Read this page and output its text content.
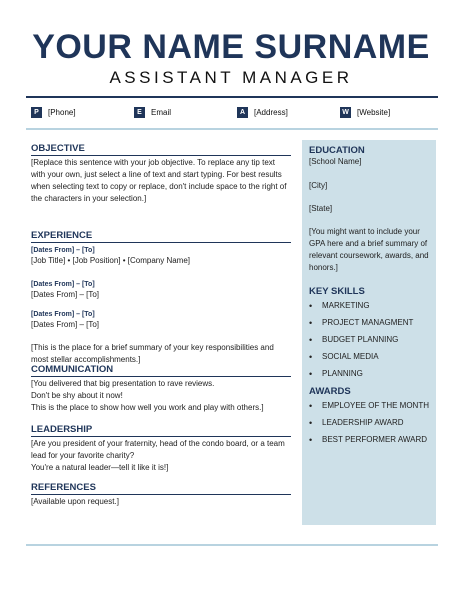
YOUR NAME SURNAME
ASSISTANT MANAGER
P	[Phone]	E	Email	A	[Address]	W [Website]
OBJECTIVE
[Replace this sentence with your job objective. To replace any tip text with your own, just select a line of text and start typing. For best results when selecting text to copy or replace, don't include space to the right of the characters in your selection.]
EXPERIENCE
[Dates From] – [To]
[Job Title] • [Job Position] • [Company Name]
[Dates From] – [To]
[Dates From] – [To]
[Dates From] – [To]
[Dates From] – [To]
[This is the place for a brief summary of your key responsibilities and most stellar accomplishments.]
COMMUNICATION
[You delivered that big presentation to rave reviews.
Don't be shy about it now!
This is the place to show how well you work and play with others.]
LEADERSHIP
[Are you president of your fraternity, head of the condo board, or a team lead for your favorite charity?
You're a natural leader—tell it like it is!]
REFERENCES
[Available upon request.]
EDUCATION
[School Name]
[City]
[State]
[You might want to include your GPA here and a brief summary of relevant coursework, awards, and honors.]
KEY SKILLS
•
MARKETING
•
PROJECT MANAGMENT
•
BUDGET PLANNING
•
SOCIAL MEDIA
•
PLANNING
AWARDS
•
EMPLOYEE OF THE MONTH
•
LEADERSHIP AWARD
•
BEST PERFORMER AWARD
